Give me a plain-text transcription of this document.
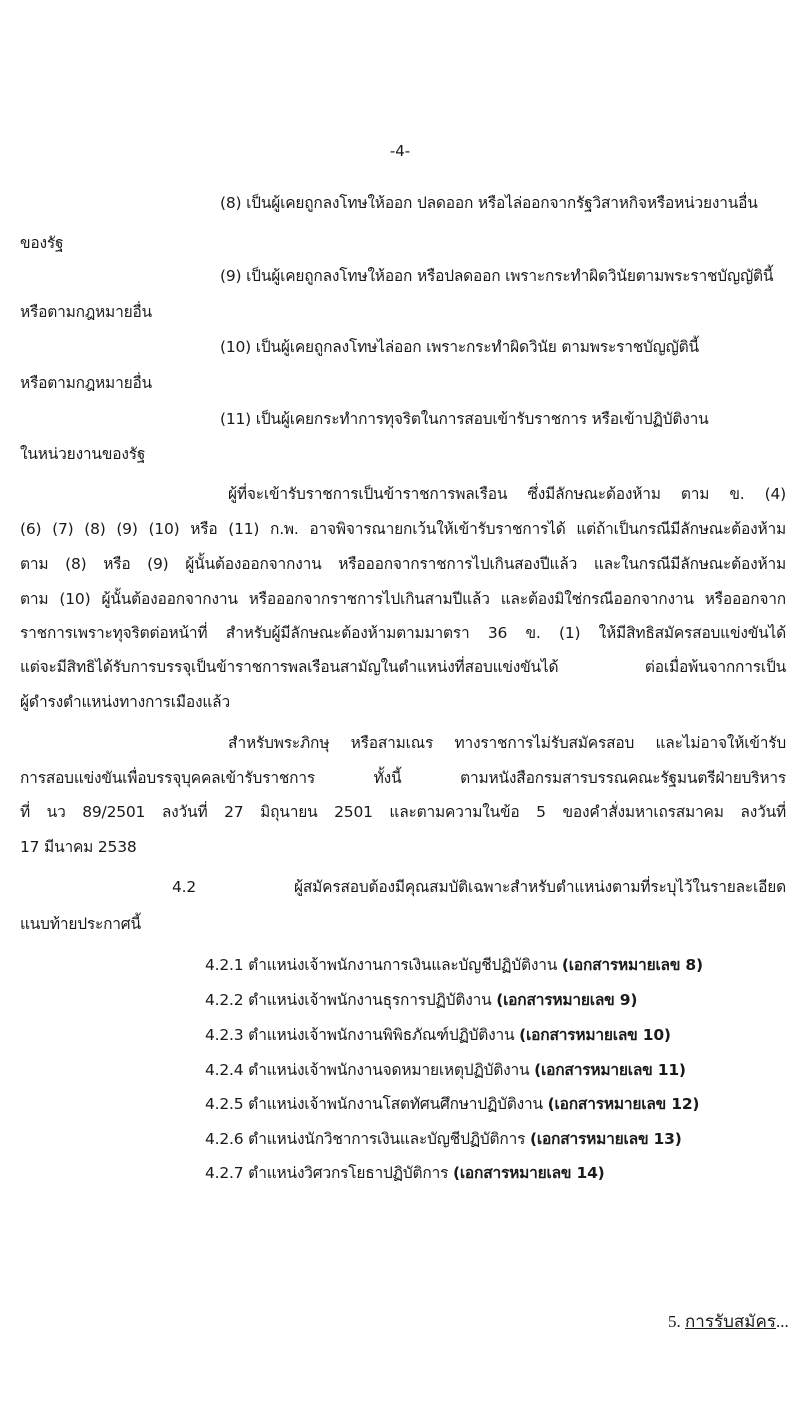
-4-
(8) เป็นผู้เคยถูกลงโทษให้ออก ปลดออก หรือไล่ออกจากรัฐวิสาหกิจหรือหน่วยงานอื่น
ของรัฐ
(9) เป็นผู้เคยถูกลงโทษให้ออก หรือปลดออก เพราะกระทำผิดวินัยตามพระราชบัญญัตินี้
หรือตามกฎหมายอื่น
(10) เป็นผู้เคยถูกลงโทษไล่ออก เพราะกระทำผิดวินัย ตามพระราชบัญญัตินี้
หรือตามกฎหมายอื่น
(11) เป็นผู้เคยกระทำการทุจริตในการสอบเข้ารับราชการ หรือเข้าปฏิบัติงาน
ในหน่วยงานของรัฐ
ผู้ที่จะเข้ารับราชการเป็นข้าราชการพลเรือน ซึ่งมีลักษณะต้องห้าม ตาม ข. (4)
(6) (7) (8) (9) (10) หรือ (11) ก.พ. อาจพิจารณายกเว้นให้เข้ารับราชการได้ แต่ถ้าเป็นกรณีมีลักษณะต้องห้าม
ตาม (8) หรือ (9) ผู้นั้นต้องออกจากงาน หรือออกจากราชการไปเกินสองปีแล้ว และในกรณีมีลักษณะต้องห้าม
ตาม (10) ผู้นั้นต้องออกจากงาน หรือออกจากราชการไปเกินสามปีแล้ว และต้องมิใช่กรณีออกจากงาน หรือออกจาก
ราชการเพราะทุจริตต่อหน้าที่ สำหรับผู้มีลักษณะต้องห้ามตามมาตรา 36 ข. (1) ให้มีสิทธิสมัครสอบแข่งขันได้
แต่จะมีสิทธิได้รับการบรรจุเป็นข้าราชการพลเรือนสามัญในตำแหน่งที่สอบแข่งขันได้ ต่อเมื่อพ้นจากการเป็น
ผู้ดำรงตำแหน่งทางการเมืองแล้ว
สำหรับพระภิกษุ หรือสามเณร ทางราชการไม่รับสมัครสอบ และไม่อาจให้เข้ารับ
การสอบแข่งขันเพื่อบรรจุบุคคลเข้ารับราชการ ทั้งนี้ ตามหนังสือกรมสารบรรณคณะรัฐมนตรีฝ่ายบริหาร
ที่ นว 89/2501 ลงวันที่ 27 มิถุนายน 2501 และตามความในข้อ 5 ของคำสั่งมหาเถรสมาคม ลงวันที่
17 มีนาคม 2538
4.2 ผู้สมัครสอบต้องมีคุณสมบัติเฉพาะสำหรับตำแหน่งตามที่ระบุไว้ในรายละเอียด
แนบท้ายประกาศนี้
4.2.1 ตำแหน่งเจ้าพนักงานการเงินและบัญชีปฏิบัติงาน (เอกสารหมายเลข 8)
4.2.2 ตำแหน่งเจ้าพนักงานธุรการปฏิบัติงาน (เอกสารหมายเลข 9)
4.2.3 ตำแหน่งเจ้าพนักงานพิพิธภัณฑ์ปฏิบัติงาน (เอกสารหมายเลข 10)
4.2.4 ตำแหน่งเจ้าพนักงานจดหมายเหตุปฏิบัติงาน (เอกสารหมายเลข 11)
4.2.5 ตำแหน่งเจ้าพนักงานโสตทัศนศึกษาปฏิบัติงาน (เอกสารหมายเลข 12)
4.2.6 ตำแหน่งนักวิชาการเงินและบัญชีปฏิบัติการ (เอกสารหมายเลข 13)
4.2.7 ตำแหน่งวิศวกรโยธาปฏิบัติการ (เอกสารหมายเลข 14)
5. การรับสมัคร...
